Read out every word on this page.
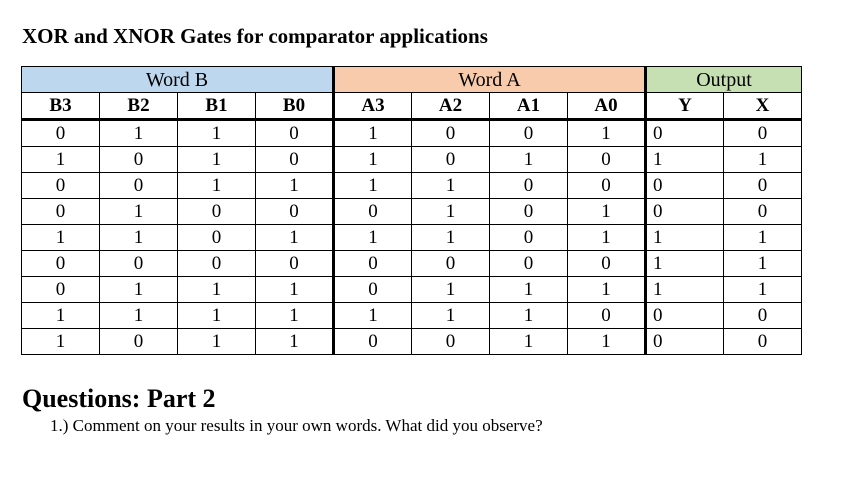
XOR and XNOR Gates for comparator applications
Word B				Word A				Output	
B3	B2	B1	B0	A3	A2	A1	A0	Y	X
0	1	1	0	1	0	0	1	0	0
1	0	1	0	1	0	1	0	1	1
0	0	1	1	1	1	0	0	0	0
0	1	0	0	0	1	0	1	0	0
1	1	0	1	1	1	0	1	1	1
0	0	0	0	0	0	0	0	1	1
0	1	1	1	0	1	1	1	1	1
1	1	1	1	1	1	1	0	0	0
1	0	1	1	0	0	1	1	0	0
Questions: Part 2
1.) Comment on your results in your own words. What did you observe?
